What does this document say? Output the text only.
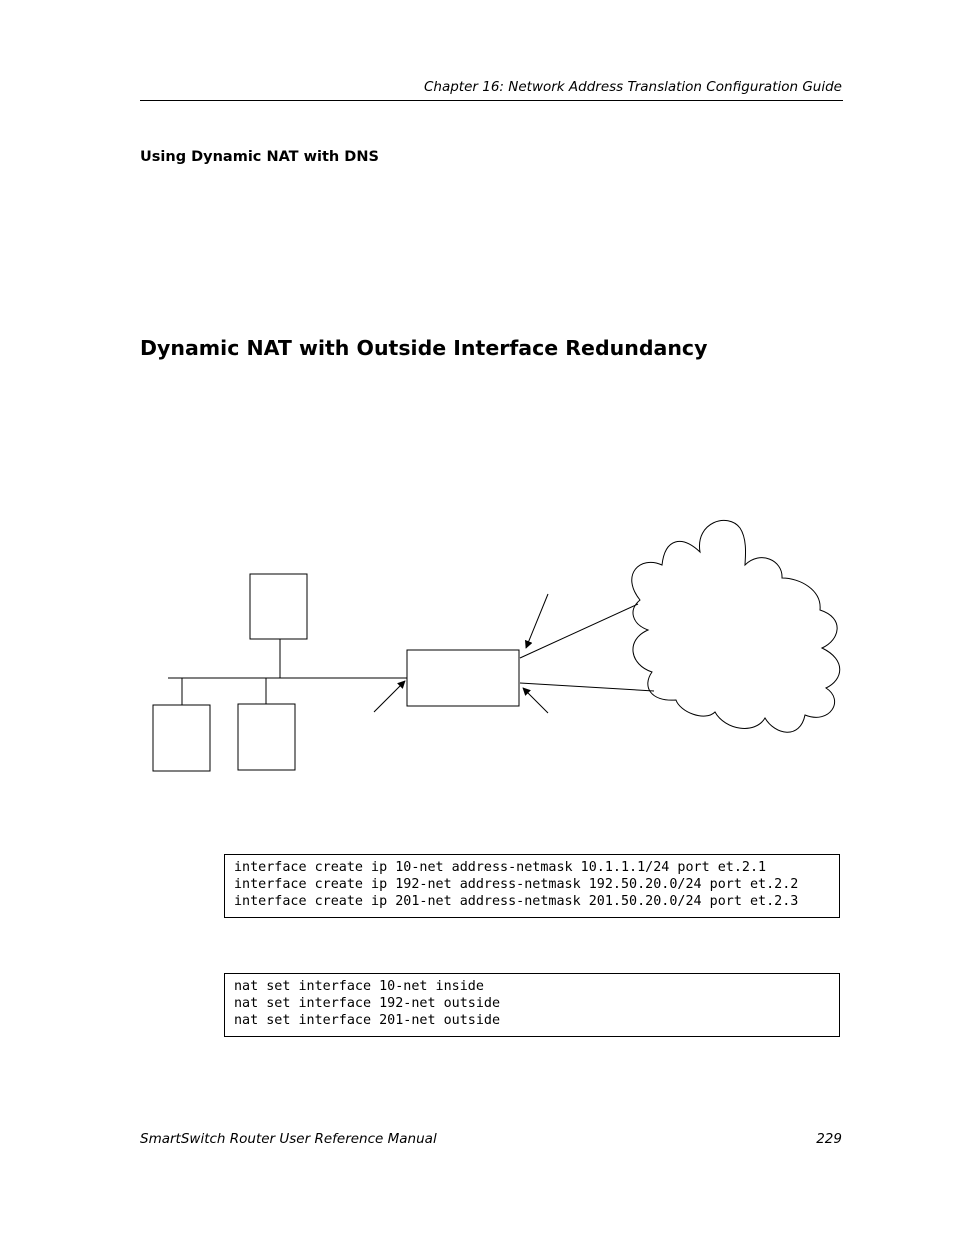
Chapter 16: Network Address Translation Configuration Guide
Using Dynamic NAT with DNS
Dynamic NAT with Outside Interface Redundancy
interface create ip 10-net address-netmask 10.1.1.1/24 port et.2.1
interface create ip 192-net address-netmask 192.50.20.0/24 port et.2.2
interface create ip 201-net address-netmask 201.50.20.0/24 port et.2.3
nat set interface 10-net inside
nat set interface 192-net outside
nat set interface 201-net outside
SmartSwitch Router User Reference Manual	229
